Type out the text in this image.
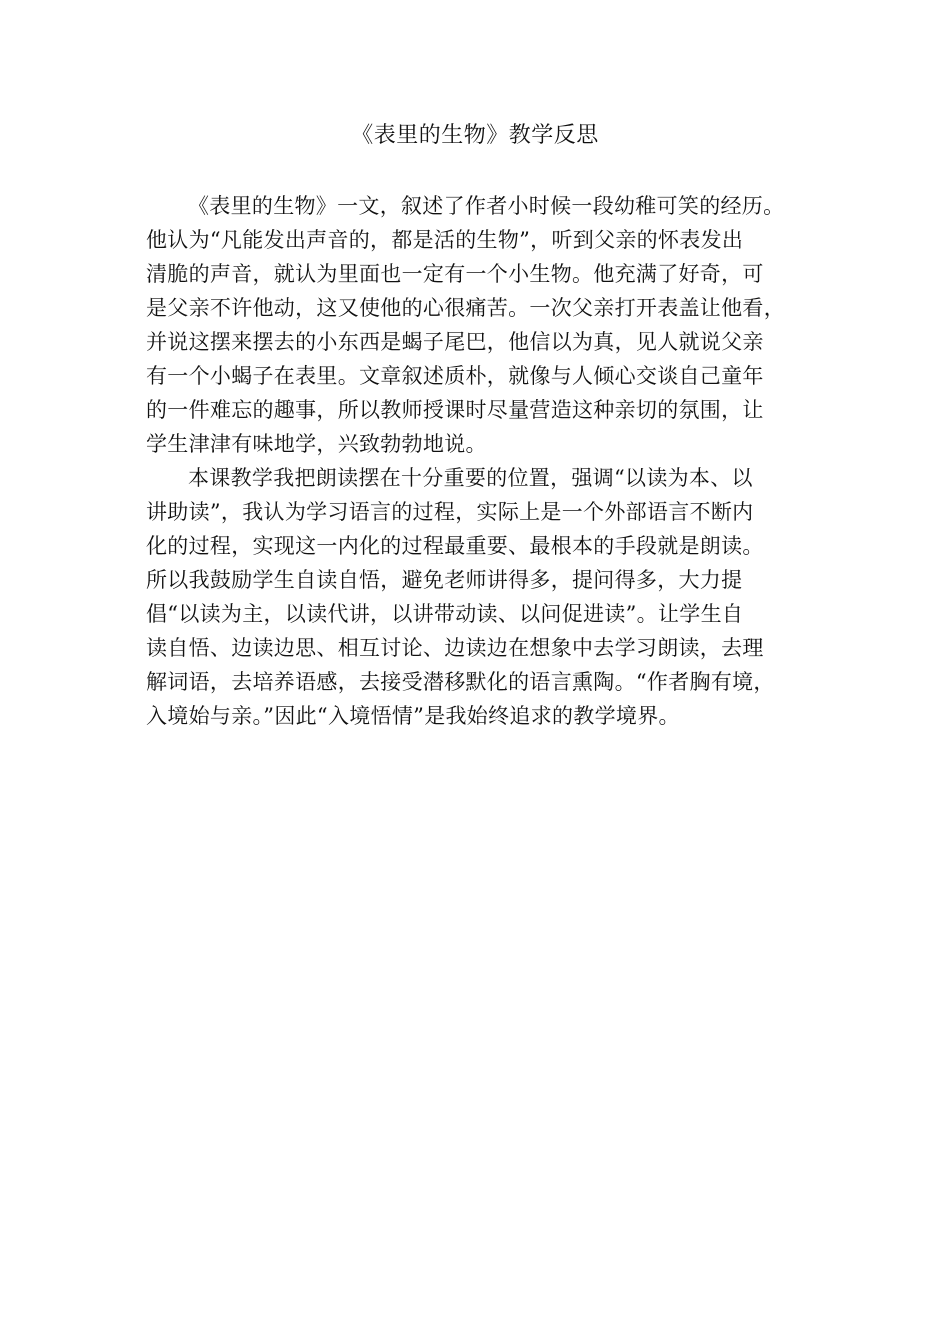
《表里的生物》教学反思
《表里的生物》一文，叙述了作者小时候一段幼稚可笑的经历。
他认为“凡能发出声音的，都是活的生物”，听到父亲的怀表发出
清脆的声音，就认为里面也一定有一个小生物。他充满了好奇，可
是父亲不许他动，这又使他的心很痛苦。一次父亲打开表盖让他看，
并说这摆来摆去的小东西是蝎子尾巴，他信以为真，见人就说父亲
有一个小蝎子在表里。文章叙述质朴，就像与人倾心交谈自己童年
的一件难忘的趣事，所以教师授课时尽量营造这种亲切的氛围，让
学生津津有味地学，兴致勃勃地说。
本课教学我把朗读摆在十分重要的位置，强调“以读为本、以
讲助读”，我认为学习语言的过程，实际上是一个外部语言不断内
化的过程，实现这一内化的过程最重要、最根本的手段就是朗读。
所以我鼓励学生自读自悟，避免老师讲得多，提问得多，大力提
倡“以读为主，以读代讲，以讲带动读、以问促进读”。让学生自
读自悟、边读边思、相互讨论、边读边在想象中去学习朗读，去理
解词语，去培养语感，去接受潜移默化的语言熏陶。“作者胸有境，
入境始与亲。”因此“入境悟情”是我始终追求的教学境界。
